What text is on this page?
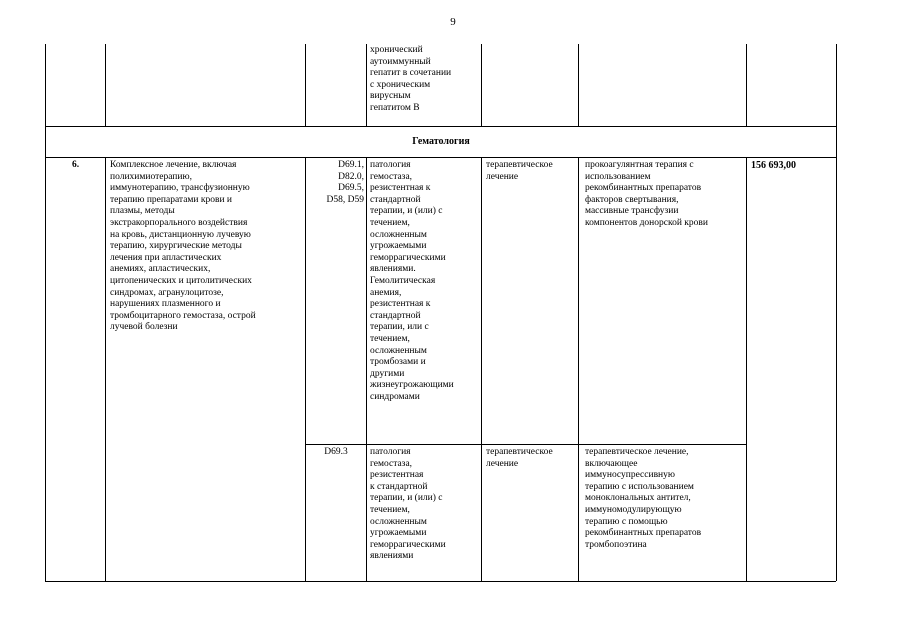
9
хронический
аутоиммунный
гепатит в сочетании
с хроническим
вирусным
гепатитом В
Гематология
6.	Комплексное лечение, включая
полихимиотерапию,
иммунотерапию, трансфузионную
терапию препаратами крови и
плазмы, методы
экстракорпорального воздействия
на кровь, дистанционную лучевую
терапию, хирургические методы
лечения при апластических
анемиях, апластических,
цитопенических и цитолитических
синдромах, агранулоцитозе,
нарушениях плазменного и
тромбоцитарного гемостаза, острой
лучевой болезни
156 693,00
D69.1,
D82.0,
D69.5,
D58, D59
патология
гемостаза,
резистентная к
стандартной
терапии, и (или) с
течением,
осложненным
угрожаемыми
геморрагическими
явлениями.
Гемолитическая
анемия,
резистентная к
стандартной
терапии, или с
течением,
осложненным
тромбозами и
другими
жизнеугрожающими
синдромами
терапевтическое
лечение
прокоагулянтная терапия с
использованием
рекомбинантных препаратов
факторов свертывания,
массивные трансфузии
компонентов донорской крови
D69.3	патология
гемостаза,
резистентная
к стандартной
терапии, и (или) с
течением,
осложненным
угрожаемыми
геморрагическими
явлениями
терапевтическое
лечение
терапевтическое лечение,
включающее
иммуносупрессивную
терапию с использованием
моноклональных антител,
иммуномодулирующую
терапию с помощью
рекомбинантных препаратов
тромбопоэтина
